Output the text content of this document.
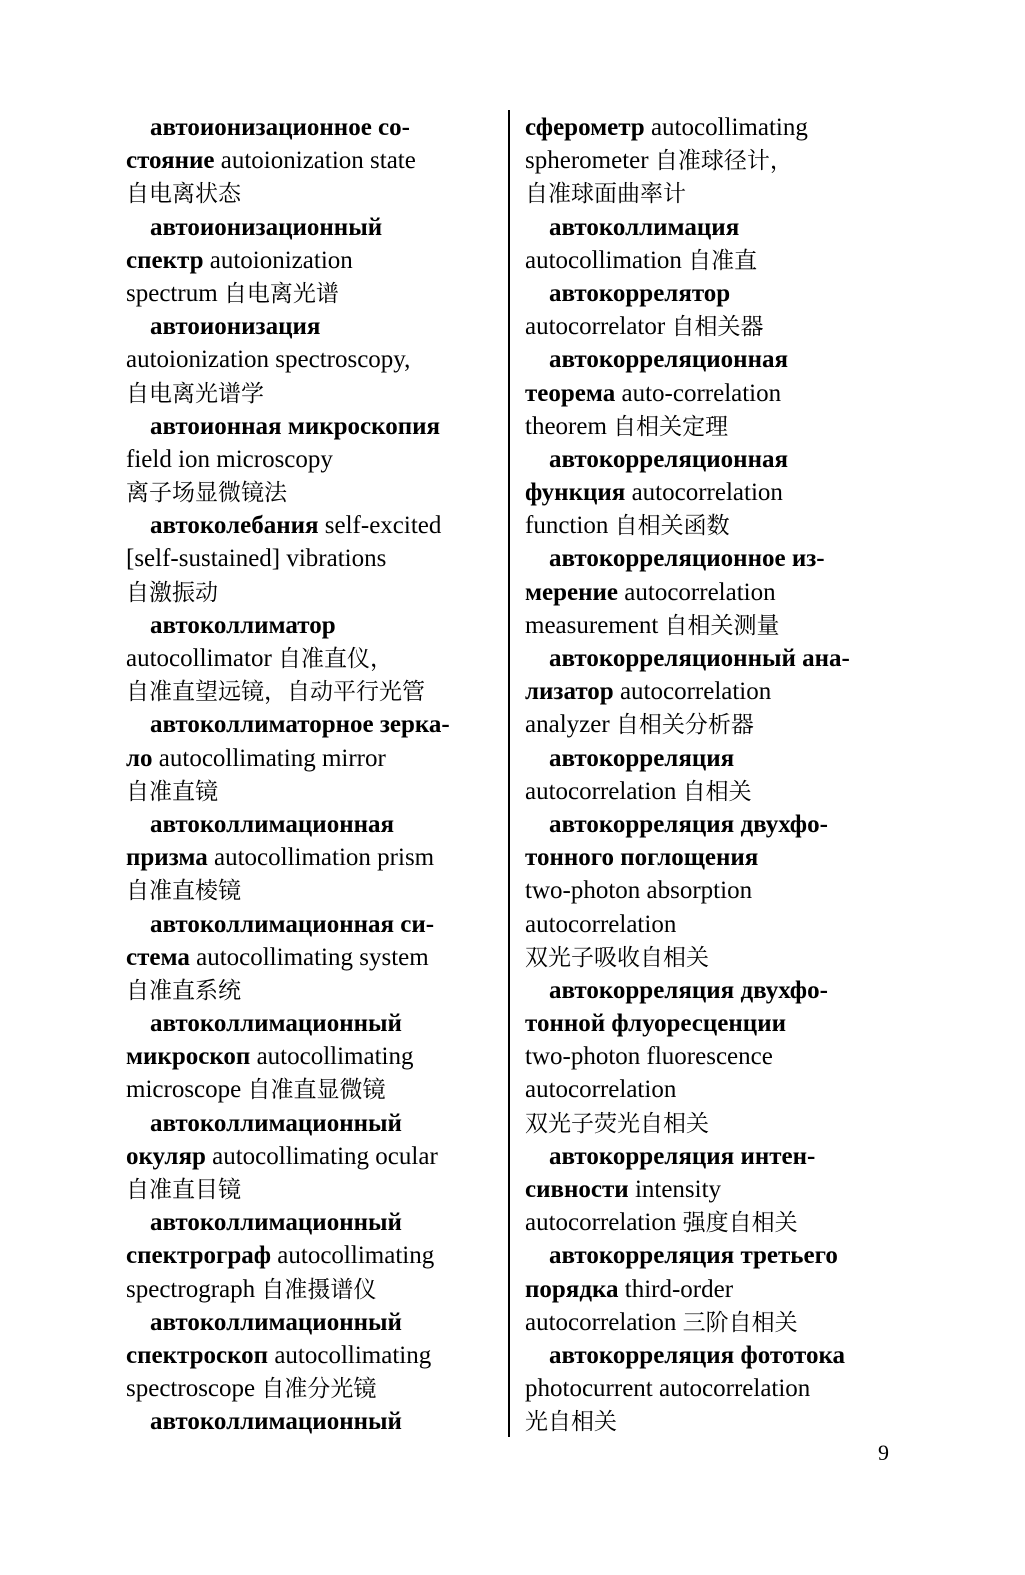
автоионизационное со-
стояние autoionization state
自电离状态
автоионизационный
спектр autoionization
spectrum 自电离光谱
автоионизация
autoionization spectroscopy,
自电离光谱学
автоионная микроскопия
field ion microscopy
离子场显微镜法
автоколебания self-excited
[self-sustained] vibrations
自激振动
автоколлиматор
autocollimator 自准直仪，
自准直望远镜，自动平行光管
автоколлиматорное зерка-
ло autocollimating mirror
自准直镜
автоколлимационная
призма autocollimation prism
自准直棱镜
автоколлимационная си-
стема autocollimating system
自准直系统
автоколлимационный
микроскоп autocollimating
microscope 自准直显微镜
автоколлимационный
окуляр autocollimating ocular
自准直目镜
автоколлимационный
спектрограф autocollimating
spectrograph 自准摄谱仪
автоколлимационный
спектроскоп autocollimating
spectroscope 自准分光镜
автоколлимационный
сферометр autocollimating
spherometer 自准球径计，
自准球面曲率计
автоколлимация
autocollimation 自准直
автокоррелятор
autocorrelator 自相关器
автокорреляционная
теорема auto-correlation
theorem 自相关定理
автокорреляционная
функция autocorrelation
function 自相关函数
автокорреляционное из-
мерение autocorrelation
measurement 自相关测量
автокорреляционный ана-
лизатор autocorrelation
analyzer 自相关分析器
автокорреляция
autocorrelation 自相关
автокорреляция двухфо-
тонного поглощения
two-photon absorption
autocorrelation
双光子吸收自相关
автокорреляция двухфо-
тонной флуоресценции
two-photon fluorescence
autocorrelation
双光子荧光自相关
автокорреляция интен-
сивности intensity
autocorrelation 强度自相关
автокорреляция третьего
порядка third-order
autocorrelation 三阶自相关
автокорреляция фототока
photocurrent autocorrelation
光自相关
9
